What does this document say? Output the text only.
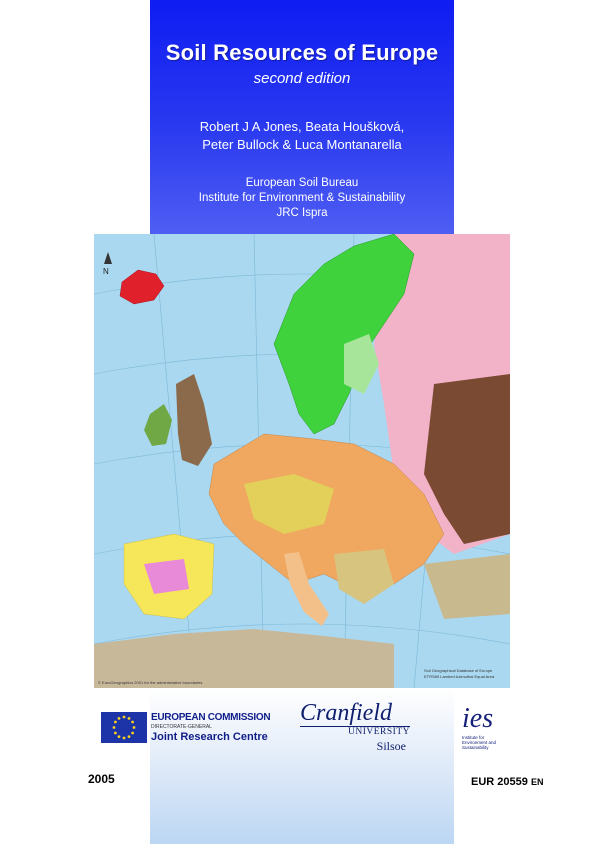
Soil Resources of Europe
second edition
Robert J A Jones, Beata Houšková,
Peter Bullock & Luca Montanarella
European Soil Bureau
Institute for Environment & Sustainability
JRC Ispra
N
© EuroGeographics 2001 for the administrative boundaries
Soil Geographical Database of Europe
ETRS89 Lambert Azimuthal Equal Area
EUROPEAN COMMISSION
DIRECTORATE-GENERAL
Joint Research Centre
Cranfield
UNIVERSITY
Silsoe
ies
Institute for
Environment and
Sustainability
2005	EUR 20559 EN
